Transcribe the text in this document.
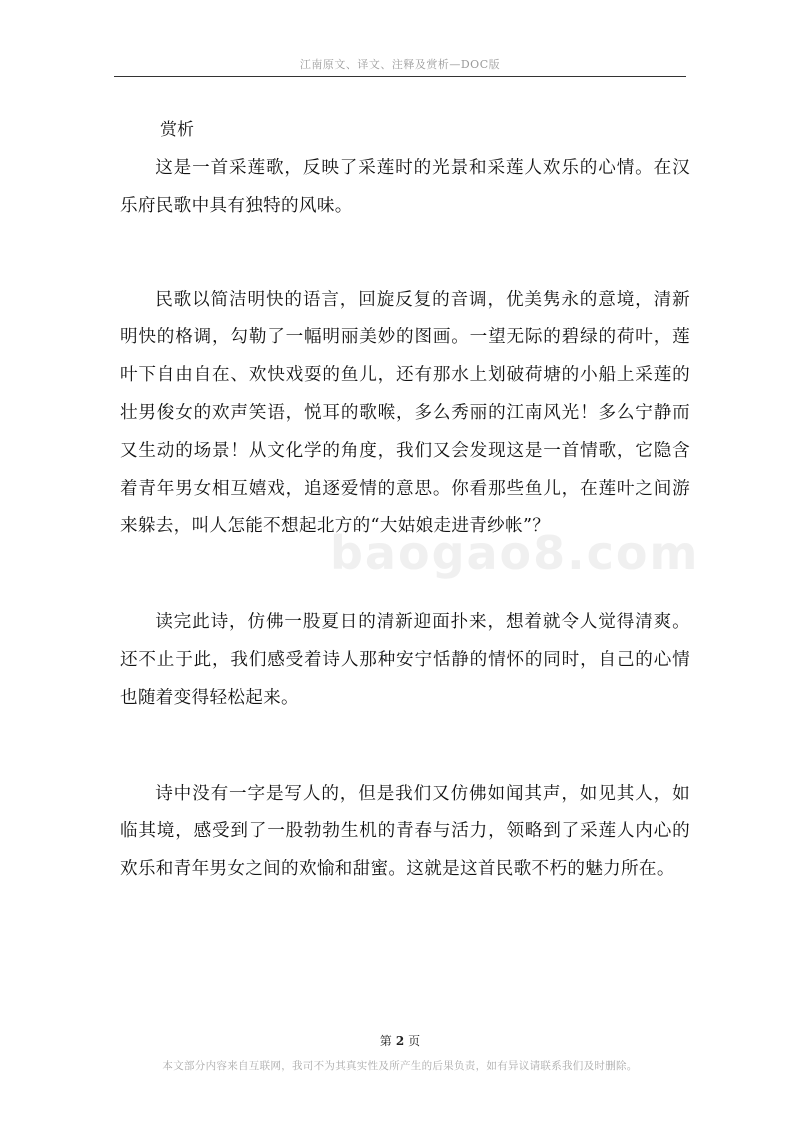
江南原文、译文、注释及赏析—DOC版
赏析

这是一首采莲歌，反映了采莲时的光景和采莲人欢乐的心情。在汉乐府民歌中具有独特的风味。

民歌以简洁明快的语言，回旋反复的音调，优美隽永的意境，清新明快的格调，勾勒了一幅明丽美妙的图画。一望无际的碧绿的荷叶，莲叶下自由自在、欢快戏耍的鱼儿，还有那水上划破荷塘的小船上采莲的壮男俊女的欢声笑语，悦耳的歌喉，多么秀丽的江南风光！多么宁静而又生动的场景！从文化学的角度，我们又会发现这是一首情歌，它隐含着青年男女相互嬉戏，追逐爱情的意思。你看那些鱼儿，在莲叶之间游来躲去，叫人怎能不想起北方的“大姑娘走进青纱帐”？

读完此诗，仿佛一股夏日的清新迎面扑来，想着就令人觉得清爽。还不止于此，我们感受着诗人那种安宁恬静的情怀的同时，自己的心情也随着变得轻松起来。

诗中没有一字是写人的，但是我们又仿佛如闻其声，如见其人，如临其境，感受到了一股勃勃生机的青春与活力，领略到了采莲人内心的欢乐和青年男女之间的欢愉和甜蜜。这就是这首民歌不朽的魅力所在。

baogao8.com
第 2 页
本文部分内容来自互联网，我司不为其真实性及所产生的后果负责，如有异议请联系我们及时删除。
